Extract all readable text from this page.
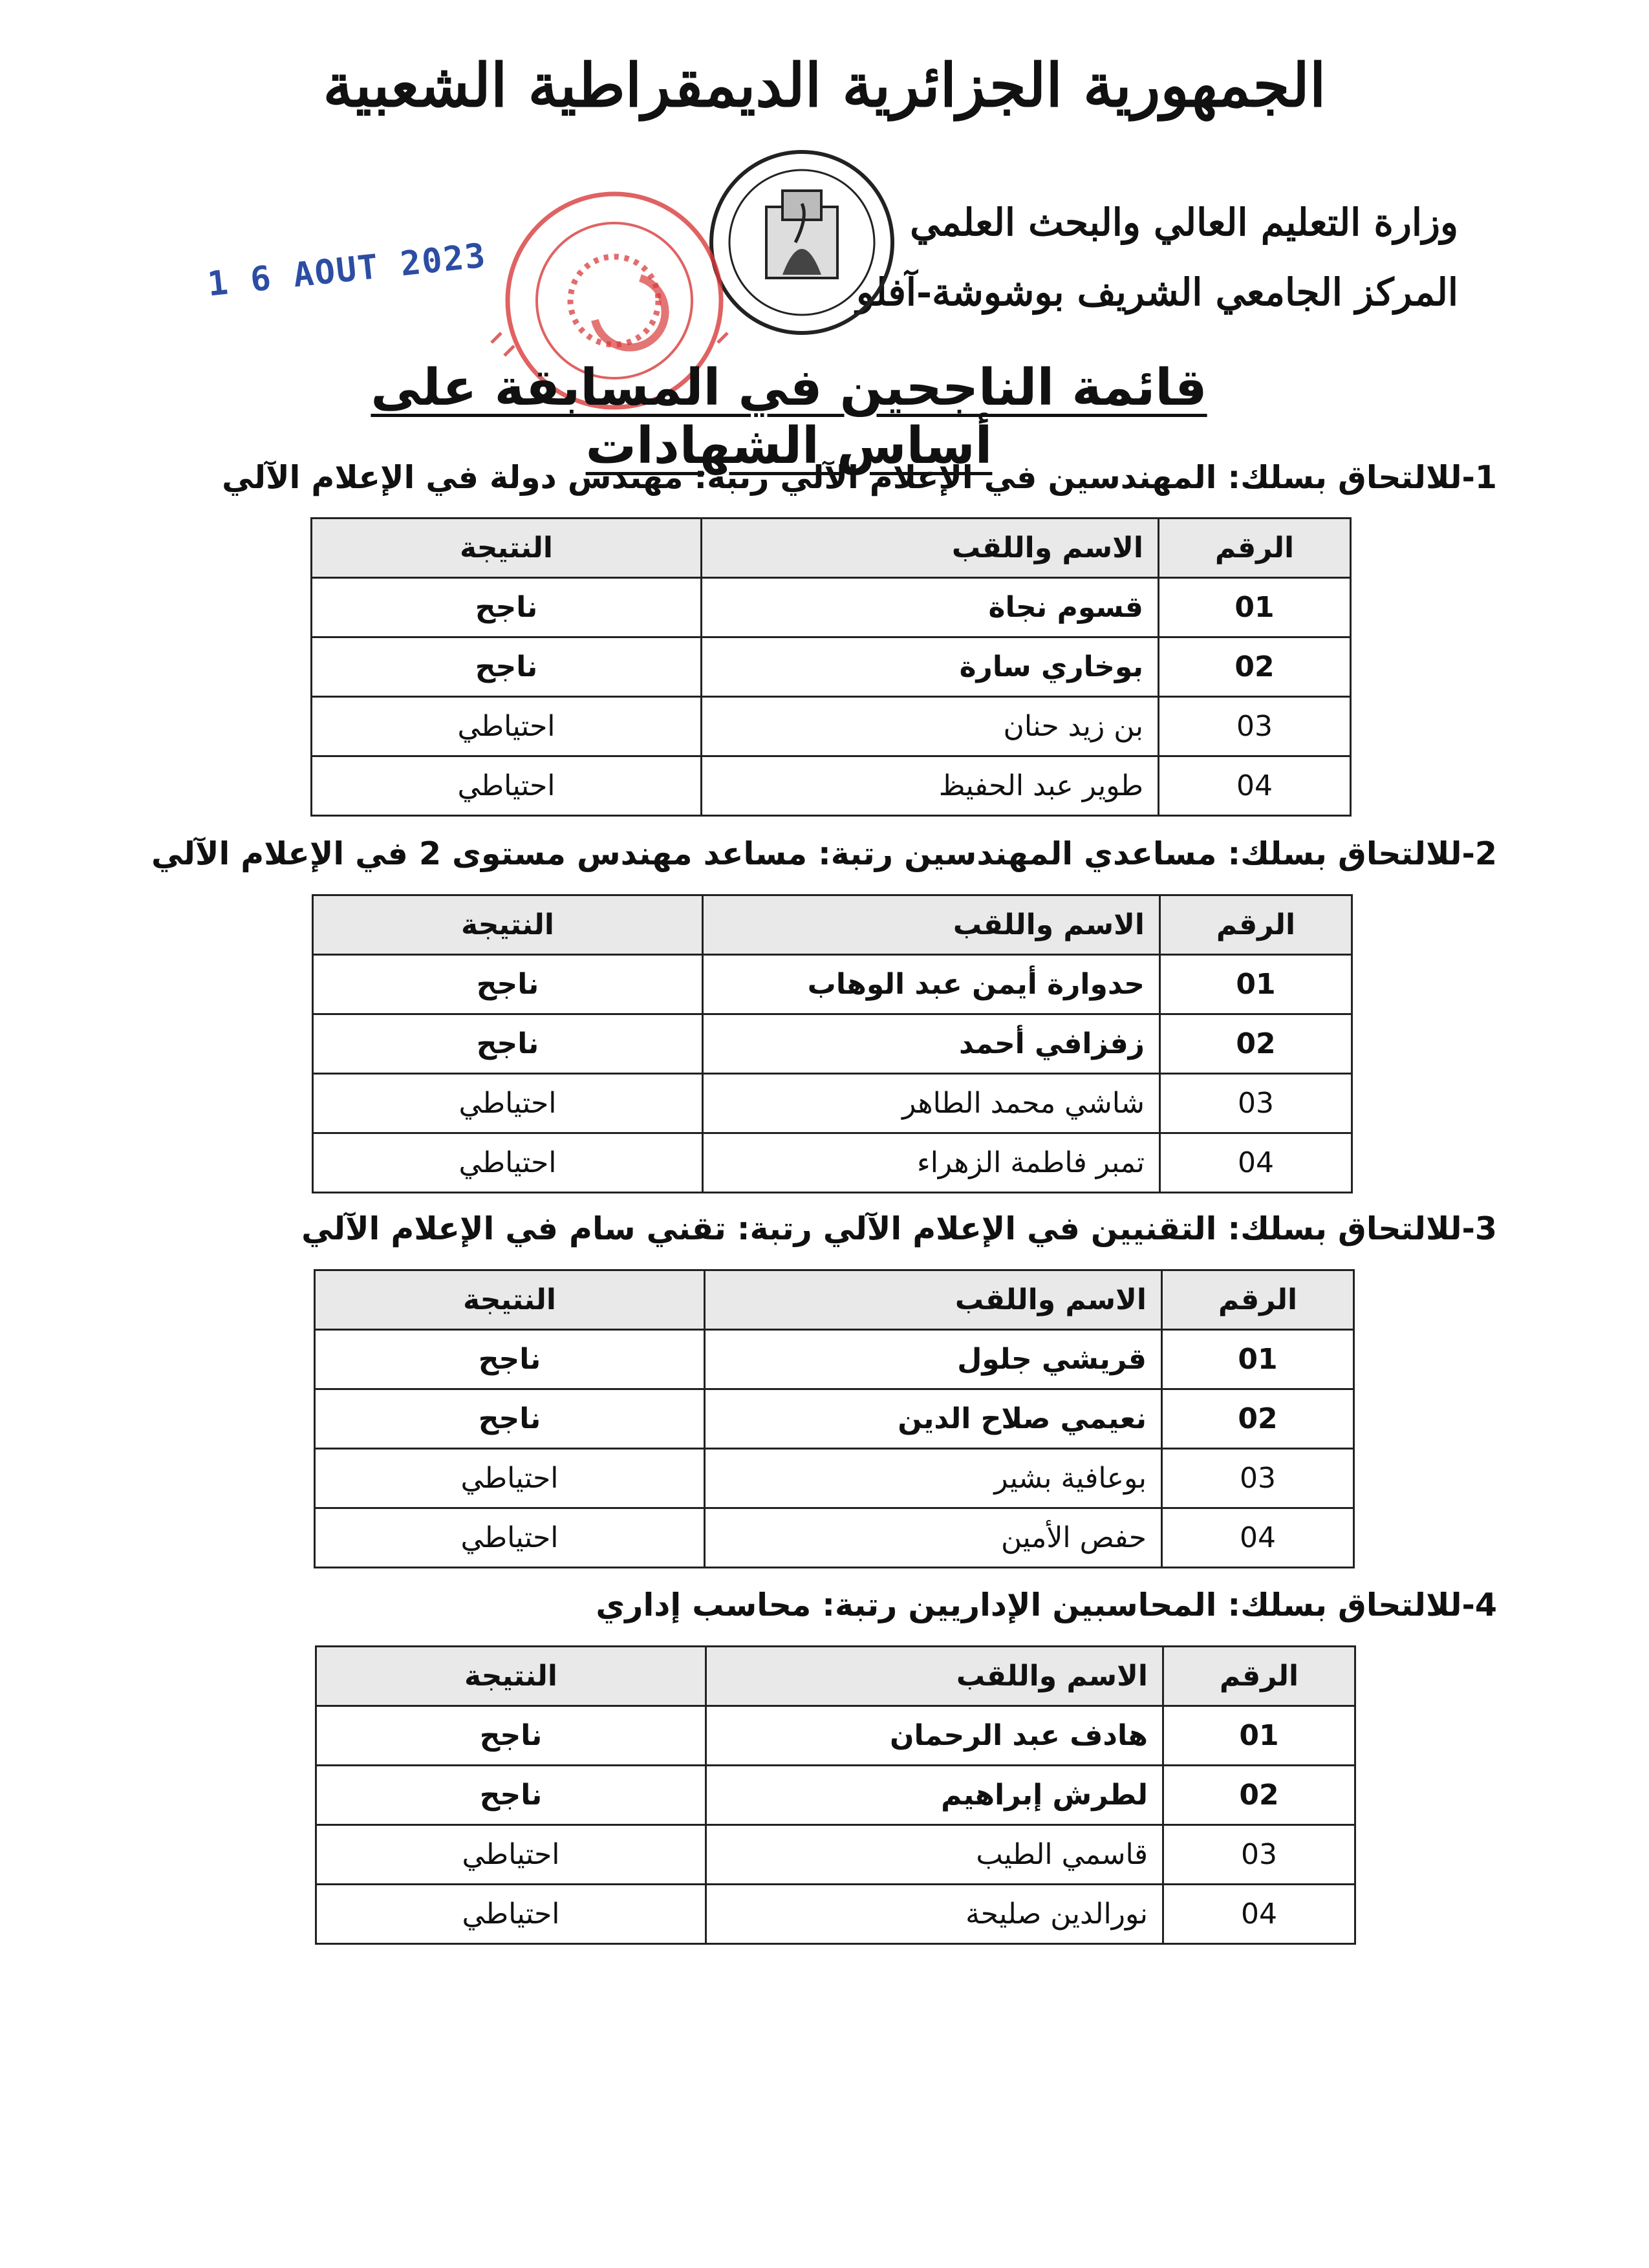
الجمهورية الجزائرية الديمقراطية الشعبية
وزارة التعليم العالي والبحث العلمي
المركز الجامعي الشريف بوشوشة-آفلو
1 6 AOUT 2023
قائمة الناجحين في المسابقة على أساس الشهادات
1-للالتحاق بسلك: المهندسين في الإعلام الآلي رتبة: مهندس دولة في الإعلام الآلي
الرقم	الاسم واللقب	النتيجة
01	قسوم نجاة	ناجح
02	بوخاري سارة	ناجح
03	بن زيد حنان	احتياطي
04	طوير عبد الحفيظ	احتياطي
2-للالتحاق بسلك: مساعدي المهندسين رتبة: مساعد مهندس مستوى 2 في الإعلام الآلي
الرقم	الاسم واللقب	النتيجة
01	حدوارة أيمن عبد الوهاب	ناجح
02	زفزافي أحمد	ناجح
03	شاشي محمد الطاهر	احتياطي
04	تمبر فاطمة الزهراء	احتياطي
3-للالتحاق بسلك: التقنيين في الإعلام الآلي رتبة: تقني سام في الإعلام الآلي
الرقم	الاسم واللقب	النتيجة
01	قريشي جلول	ناجح
02	نعيمي صلاح الدين	ناجح
03	بوعافية بشير	احتياطي
04	حفص الأمين	احتياطي
4-للالتحاق بسلك: المحاسبين الإداريين رتبة: محاسب إداري
الرقم	الاسم واللقب	النتيجة
01	هادف عبد الرحمان	ناجح
02	لطرش إبراهيم	ناجح
03	قاسمي الطيب	احتياطي
04	نورالدين صليحة	احتياطي
